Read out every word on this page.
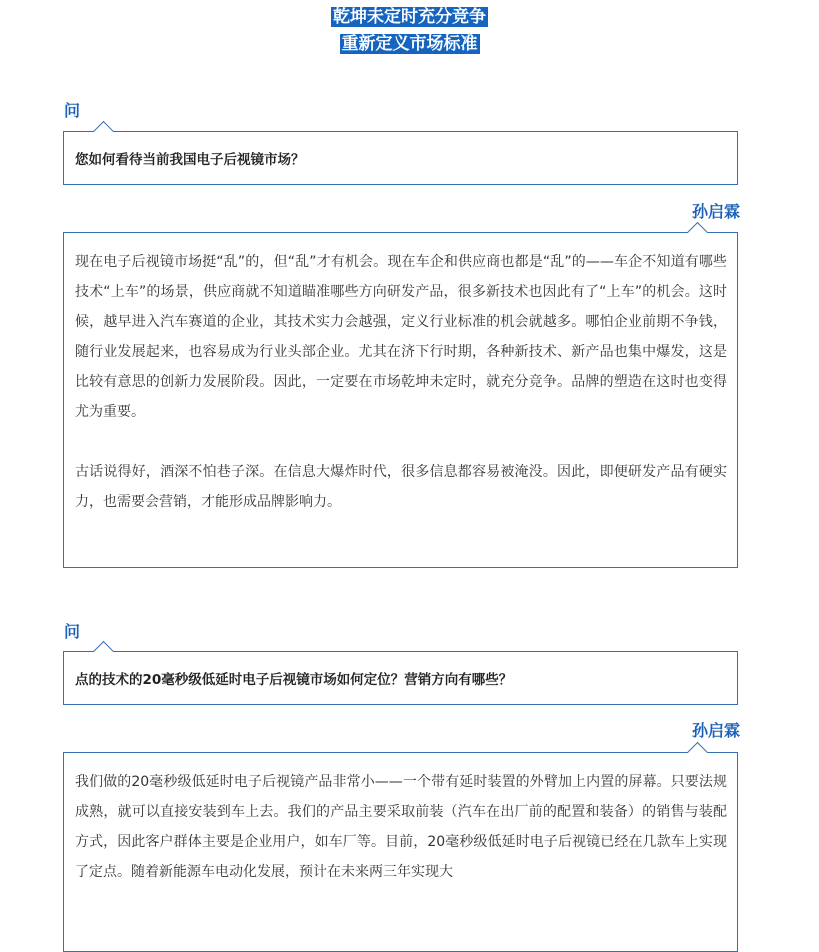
乾坤未定时充分竞争
重新定义市场标准
问
您如何看待当前我国电子后视镜市场？
孙启霖

现在电子后视镜市场挺“乱”的，但“乱”才有机会。现在车企和供应商也都是“乱”的——车企不知道有哪些技术“上车”的场景，供应商就不知道瞄准哪些方向研发产品，很多新技术也因此有了“上车”的机会。这时候，越早进入汽车赛道的企业，其技术实力会越强，定义行业标准的机会就越多。哪怕企业前期不争钱，随行业发展起来，也容易成为行业头部企业。尤其在济下行时期，各种新技术、新产品也集中爆发，这是比较有意思的创新力发展阶段。因此，一定要在市场乾坤未定时，就充分竞争。品牌的塑造在这时也变得尤为重要。

古话说得好，酒深不怕巷子深。在信息大爆炸时代，很多信息都容易被淹没。因此，即便研发产品有硬实力，也需要会营销，才能形成品牌影响力。

问
点的技术的20毫秒级低延时电子后视镜市场如何定位？营销方向有哪些？
孙启霖

我们做的20毫秒级低延时电子后视镜产品非常小——一个带有延时装置的外臂加上内置的屏幕。只要法规成熟，就可以直接安装到车上去。我们的产品主要采取前装（汽车在出厂前的配置和装备）的销售与装配方式，因此客户群体主要是企业用户，如车厂等。目前，20毫秒级低延时电子后视镜已经在几款车上实现了定点。随着新能源车电动化发展，预计在未来两三年实现大
